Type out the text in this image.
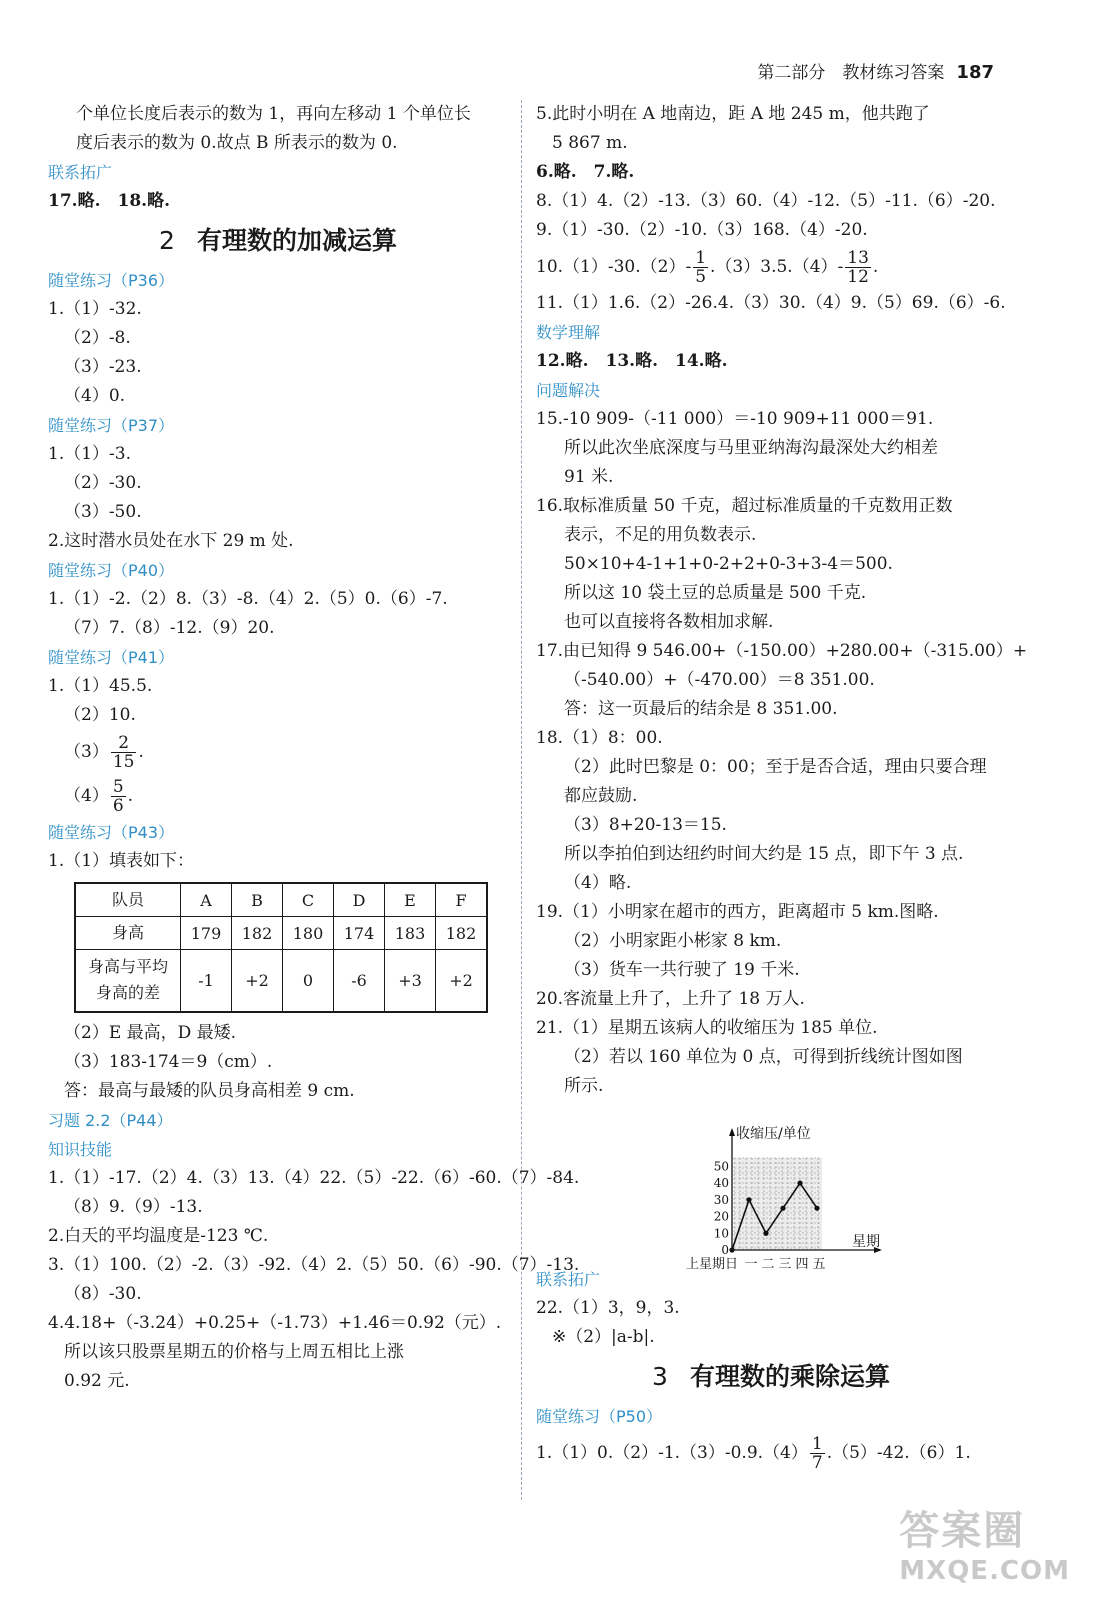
第二部分　教材练习答案 187
个单位长度后表示的数为 1，再向左移动 1 个单位长
度后表示的数为 0.故点 B 所表示的数为 0.
联系拓广
17.略.　18.略.
2 有理数的加减运算
随堂练习（P36）
1.（1）-32.
（2）-8.
（3）-23.
（4）0.
随堂练习（P37）
1.（1）-3.
（2）-30.
（3）-50.
2.这时潜水员处在水下 29 m 处.
随堂练习（P40）
1.（1）-2.（2）8.（3）-8.（4）2.（5）0.（6）-7.
（7）7.（8）-12.（9）20.
随堂练习（P41）
1.（1）45.5.
（2）10.
$(3) \frac{2}{15}$ .
$(4) \frac{5}{6}$ .
随堂练习（P43）
1.（1）填表如下：
队员	A	B	C	D	E	F
身高	179	182	180	174	183	182

身高与平均
身高的差	-1	+2	0	-6	+3	+2
（2）E 最高，D 最矮.
（3）183-174＝9（cm）.
答：最高与最矮的队员身高相差 9 cm.
习题 2.2（P44）
知识技能
1.（1）-17.（2）4.（3）13.（4）22.（5）-22.（6）-60.（7）-84.
（8）9.（9）-13.
2.白天的平均温度是-123 ℃.
3.（1）100.（2）-2.（3）-92.（4）2.（5）50.（6）-90.（7）-13.
（8）-30.
4.4.18+（-3.24）+0.25+（-1.73）+1.46＝0.92（元）.
所以该只股票星期五的价格与上周五相比上涨
0.92 元.
5.此时小明在 A 地南边，距 A 地 245 m，他共跑了
5 867 m.
6.略.　7.略.
8.（1）4.（2）-13.（3）60.（4）-12.（5）-11.（6）-20.
9.（1）-30.（2）-10.（3）168.（4）-20.
$10.(1)-30.(2)- \frac{1}{5} .(3)3.5.(4)- \frac{13}{12}$ .
11.（1）1.6.（2）-26.4.（3）30.（4）9.（5）69.（6）-6.
数学理解
12.略.　13.略.　14.略.
问题解决
15.-10 909-（-11 000）＝-10 909+11 000＝91.
所以此次坐底深度与马里亚纳海沟最深处大约相差
91 米.
16.取标准质量 50 千克，超过标准质量的千克数用正数
表示，不足的用负数表示.
50×10+4-1+1+0-2+2+0-3+3-4＝500.
所以这 10 袋土豆的总质量是 500 千克.
也可以直接将各数相加求解.
17.由已知得 9 546.00+（-150.00）+280.00+（-315.00）+
（-540.00）+（-470.00）＝8 351.00.
答：这一页最后的结余是 8 351.00.
18.（1）8：00.
（2）此时巴黎是 0：00；至于是否合适，理由只要合理
都应鼓励.
（3）8+20-13＝15.
所以李拍伯到达纽约时间大约是 15 点，即下午 3 点.
（4）略.
19.（1）小明家在超市的西方，距离超市 5 km.图略.
（2）小明家距小彬家 8 km.
（3）货车一共行驶了 19 千米.
20.客流量上升了，上升了 18 万人.
21.（1）星期五该病人的收缩压为 185 单位.
（2）若以 160 单位为 0 点，可得到折线统计图如图
所示.
联系拓广
22.（1）3，9，3.
※（2）|a-b|.
3 有理数的乘除运算
随堂练习（P50）
$1.(1)0.(2)-1.(3)-0.9.(4) \frac{1}{7} .(5)-42.(6)1$.
收缩压/单位
星期
0
10
20
30
40
50
上星期日 一 二 三 四 五
答案圈
MXQE.COM
